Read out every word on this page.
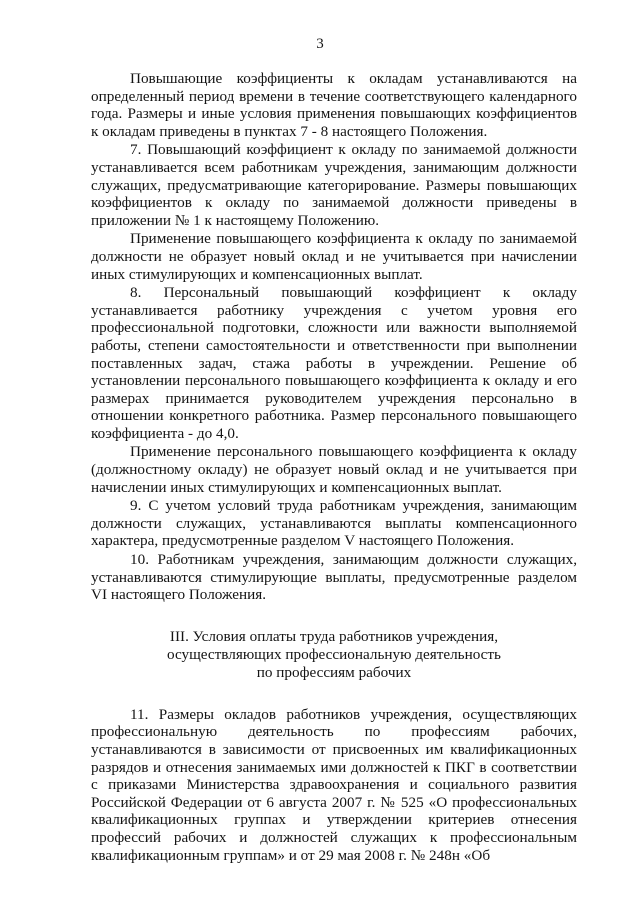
3

Повышающие коэффициенты к окладам устанавливаются на определенный период времени в течение соответствующего календарного года. Размеры и иные условия применения повышающих коэффициентов к окладам приведены в пунктах 7 - 8 настоящего Положения.

7. Повышающий коэффициент к окладу по занимаемой должности устанавливается всем работникам учреждения, занимающим должности служащих, предусматривающие категорирование. Размеры повышающих коэффициентов к окладу по занимаемой должности приведены в приложении № 1 к настоящему Положению.

Применение повышающего коэффициента к окладу по занимаемой должности не образует новый оклад и не учитывается при начислении иных стимулирующих и компенсационных выплат.

8. Персональный повышающий коэффициент к окладу устанавливается работнику учреждения с учетом уровня его профессиональной подготовки, сложности или важности выполняемой работы, степени самостоятельности и ответственности при выполнении поставленных задач, стажа работы в учреждении. Решение об установлении персонального повышающего коэффициента к окладу и его размерах принимается руководителем учреждения персонально в отношении конкретного работника. Размер персонального повышающего коэффициента - до 4,0.

Применение персонального повышающего коэффициента к окладу (должностному окладу) не образует новый оклад и не учитывается при начислении иных стимулирующих и компенсационных выплат.

9. С учетом условий труда работникам учреждения, занимающим должности служащих, устанавливаются выплаты компенсационного характера, предусмотренные разделом V настоящего Положения.

10. Работникам учреждения, занимающим должности служащих, устанавливаются стимулирующие выплаты, предусмотренные разделом VI настоящего Положения.

III. Условия оплаты труда работников учреждения,
осуществляющих профессиональную деятельность
по профессиям рабочих

11. Размеры окладов работников учреждения, осуществляющих профессиональную деятельность по профессиям рабочих, устанавливаются в зависимости от присвоенных им квалификационных разрядов и отнесения занимаемых ими должностей к ПКГ в соответствии с приказами Министерства здравоохранения и социального развития Российской Федерации от 6 августа 2007 г. № 525 «О профессиональных квалификационных группах и утверждении критериев отнесения профессий рабочих и должностей служащих к профессиональным квалификационным группам» и от 29 мая 2008 г. № 248н «Об
